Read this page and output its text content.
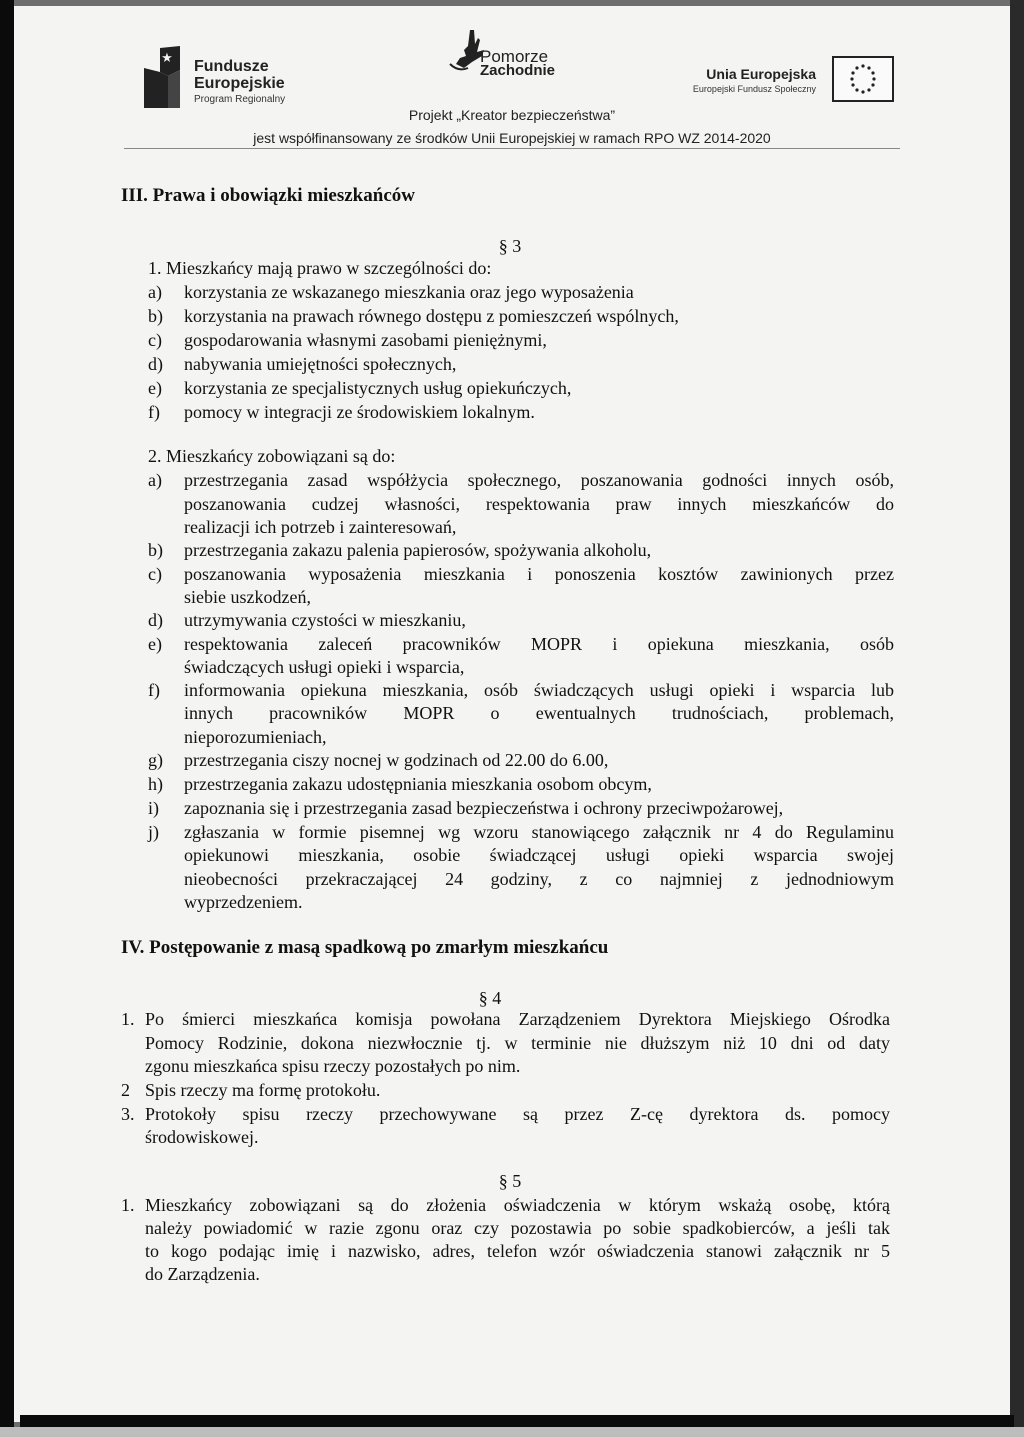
★ Fundusze
Europejskie
Program Regionalny
Pomorze
Zachodnie	Unia Europejska
Europejski Fundusz Społeczny
Projekt „Kreator bezpieczeństwa”
jest współfinansowany ze środków Unii Europejskiej w ramach RPO WZ 2014-2020
III. Prawa i obowiązki mieszkańców
§ 3
1. Mieszkańcy mają prawo w szczególności do:
a) korzystania ze wskazanego mieszkania oraz jego wyposażenia
b) korzystania na prawach równego dostępu z pomieszczeń wspólnych,
c) gospodarowania własnymi zasobami pieniężnymi,
d) nabywania umiejętności społecznych,
e) korzystania ze specjalistycznych usług opiekuńczych,
f) pomocy w integracji ze środowiskiem lokalnym.
2. Mieszkańcy zobowiązani są do:
a) przestrzegania zasad współżycia społecznego, poszanowania godności innych osób,
poszanowania cudzej własności, respektowania praw innych mieszkańców do
realizacji ich potrzeb i zainteresowań,
b) przestrzegania zakazu palenia papierosów, spożywania alkoholu,
c) poszanowania wyposażenia mieszkania i ponoszenia kosztów zawinionych przez
siebie uszkodzeń,
d) utrzymywania czystości w mieszkaniu,
e) respektowania zaleceń pracowników MOPR i opiekuna mieszkania, osób
świadczących usługi opieki i wsparcia,
f) informowania opiekuna mieszkania, osób świadczących usługi opieki i wsparcia lub
innych pracowników MOPR o ewentualnych trudnościach, problemach,
nieporozumieniach,
g) przestrzegania ciszy nocnej w godzinach od 22.00 do 6.00,
h) przestrzegania zakazu udostępniania mieszkania osobom obcym,
i) zapoznania się i przestrzegania zasad bezpieczeństwa i ochrony przeciwpożarowej,
j) zgłaszania w formie pisemnej wg wzoru stanowiącego załącznik nr 4 do Regulaminu
opiekunowi mieszkania, osobie świadczącej usługi opieki wsparcia swojej
nieobecności przekraczającej 24 godziny, z co najmniej z jednodniowym
wyprzedzeniem.
IV. Postępowanie z masą spadkową po zmarłym mieszkańcu
§ 4
1. Po śmierci mieszkańca komisja powołana Zarządzeniem Dyrektora Miejskiego Ośrodka
Pomocy Rodzinie, dokona niezwłocznie tj. w terminie nie dłuższym niż 10 dni od daty
zgonu mieszkańca spisu rzeczy pozostałych po nim.
2 Spis rzeczy ma formę protokołu.
3. Protokoły spisu rzeczy przechowywane są przez Z-cę dyrektora ds. pomocy
środowiskowej.
§ 5
1. Mieszkańcy zobowiązani są do złożenia oświadczenia w którym wskażą osobę, którą
należy powiadomić w razie zgonu oraz czy pozostawia po sobie spadkobierców, a jeśli tak
to kogo podając imię i nazwisko, adres, telefon wzór oświadczenia stanowi załącznik nr 5
do Zarządzenia.
